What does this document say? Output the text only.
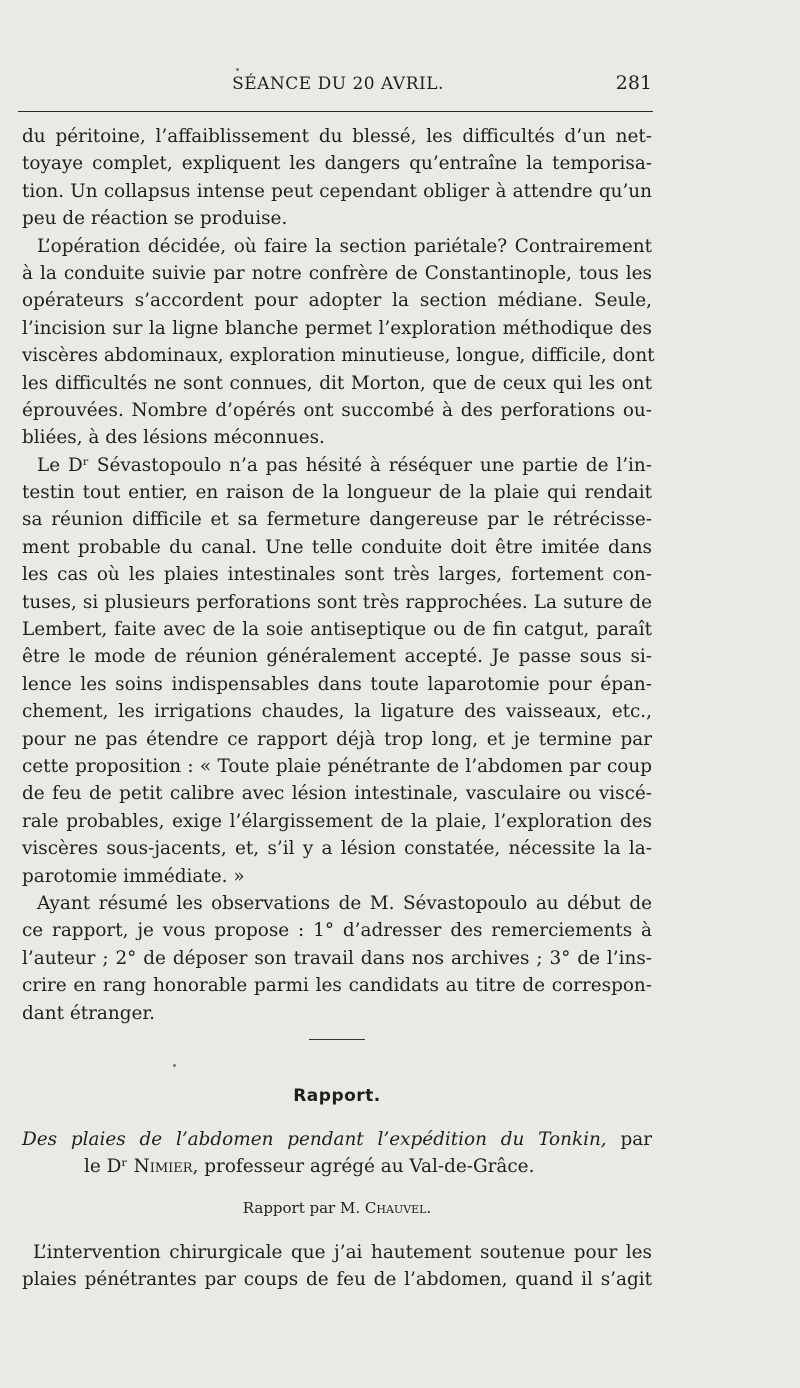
SÉANCE DU 20 AVRIL.	281
du péritoine, l’affaiblissement du blessé, les difficultés d’un net-
toyaye complet, expliquent les dangers qu’entraîne la temporisa-
tion. Un collapsus intense peut cependant obliger à attendre qu’un
peu de réaction se produise.
L’opération décidée, où faire la section pariétale? Contrairement
à la conduite suivie par notre confrère de Constantinople, tous les
opérateurs s’accordent pour adopter la section médiane. Seule,
l’incision sur la ligne blanche permet l’exploration méthodique des
viscères abdominaux, exploration minutieuse, longue, difficile, dont
les difficultés ne sont connues, dit Morton, que de ceux qui les ont
éprouvées. Nombre d’opérés ont succombé à des perforations ou-
bliées, à des lésions méconnues.
Le Dʳ Sévastopoulo n’a pas hésité à réséquer une partie de l’in-
testin tout entier, en raison de la longueur de la plaie qui rendait
sa réunion difficile et sa fermeture dangereuse par le rétrécisse-
ment probable du canal. Une telle conduite doit être imitée dans
les cas où les plaies intestinales sont très larges, fortement con-
tuses, si plusieurs perforations sont très rapprochées. La suture de
Lembert, faite avec de la soie antiseptique ou de fin catgut, paraît
être le mode de réunion généralement accepté. Je passe sous si-
lence les soins indispensables dans toute laparotomie pour épan-
chement, les irrigations chaudes, la ligature des vaisseaux, etc.,
pour ne pas étendre ce rapport déjà trop long, et je termine par
cette proposition : « Toute plaie pénétrante de l’abdomen par coup
de feu de petit calibre avec lésion intestinale, vasculaire ou viscé-
rale probables, exige l’élargissement de la plaie, l’exploration des
viscères sous-jacents, et, s’il y a lésion constatée, nécessite la la-
parotomie immédiate. »
Ayant résumé les observations de M. Sévastopoulo au début de
ce rapport, je vous propose : 1° d’adresser des remerciements à
l’auteur ; 2° de déposer son travail dans nos archives ; 3° de l’ins-
crire en rang honorable parmi les candidats au titre de correspon-
dant étranger.
Rapport.
Des plaies de l’abdomen pendant l’expédition du Tonkin, par
le Dʳ Nimier, professeur agrégé au Val-de-Grâce.
Rapport par M. Chauvel.
L’intervention chirurgicale que j’ai hautement soutenue pour les
plaies pénétrantes par coups de feu de l’abdomen, quand il s’agit
